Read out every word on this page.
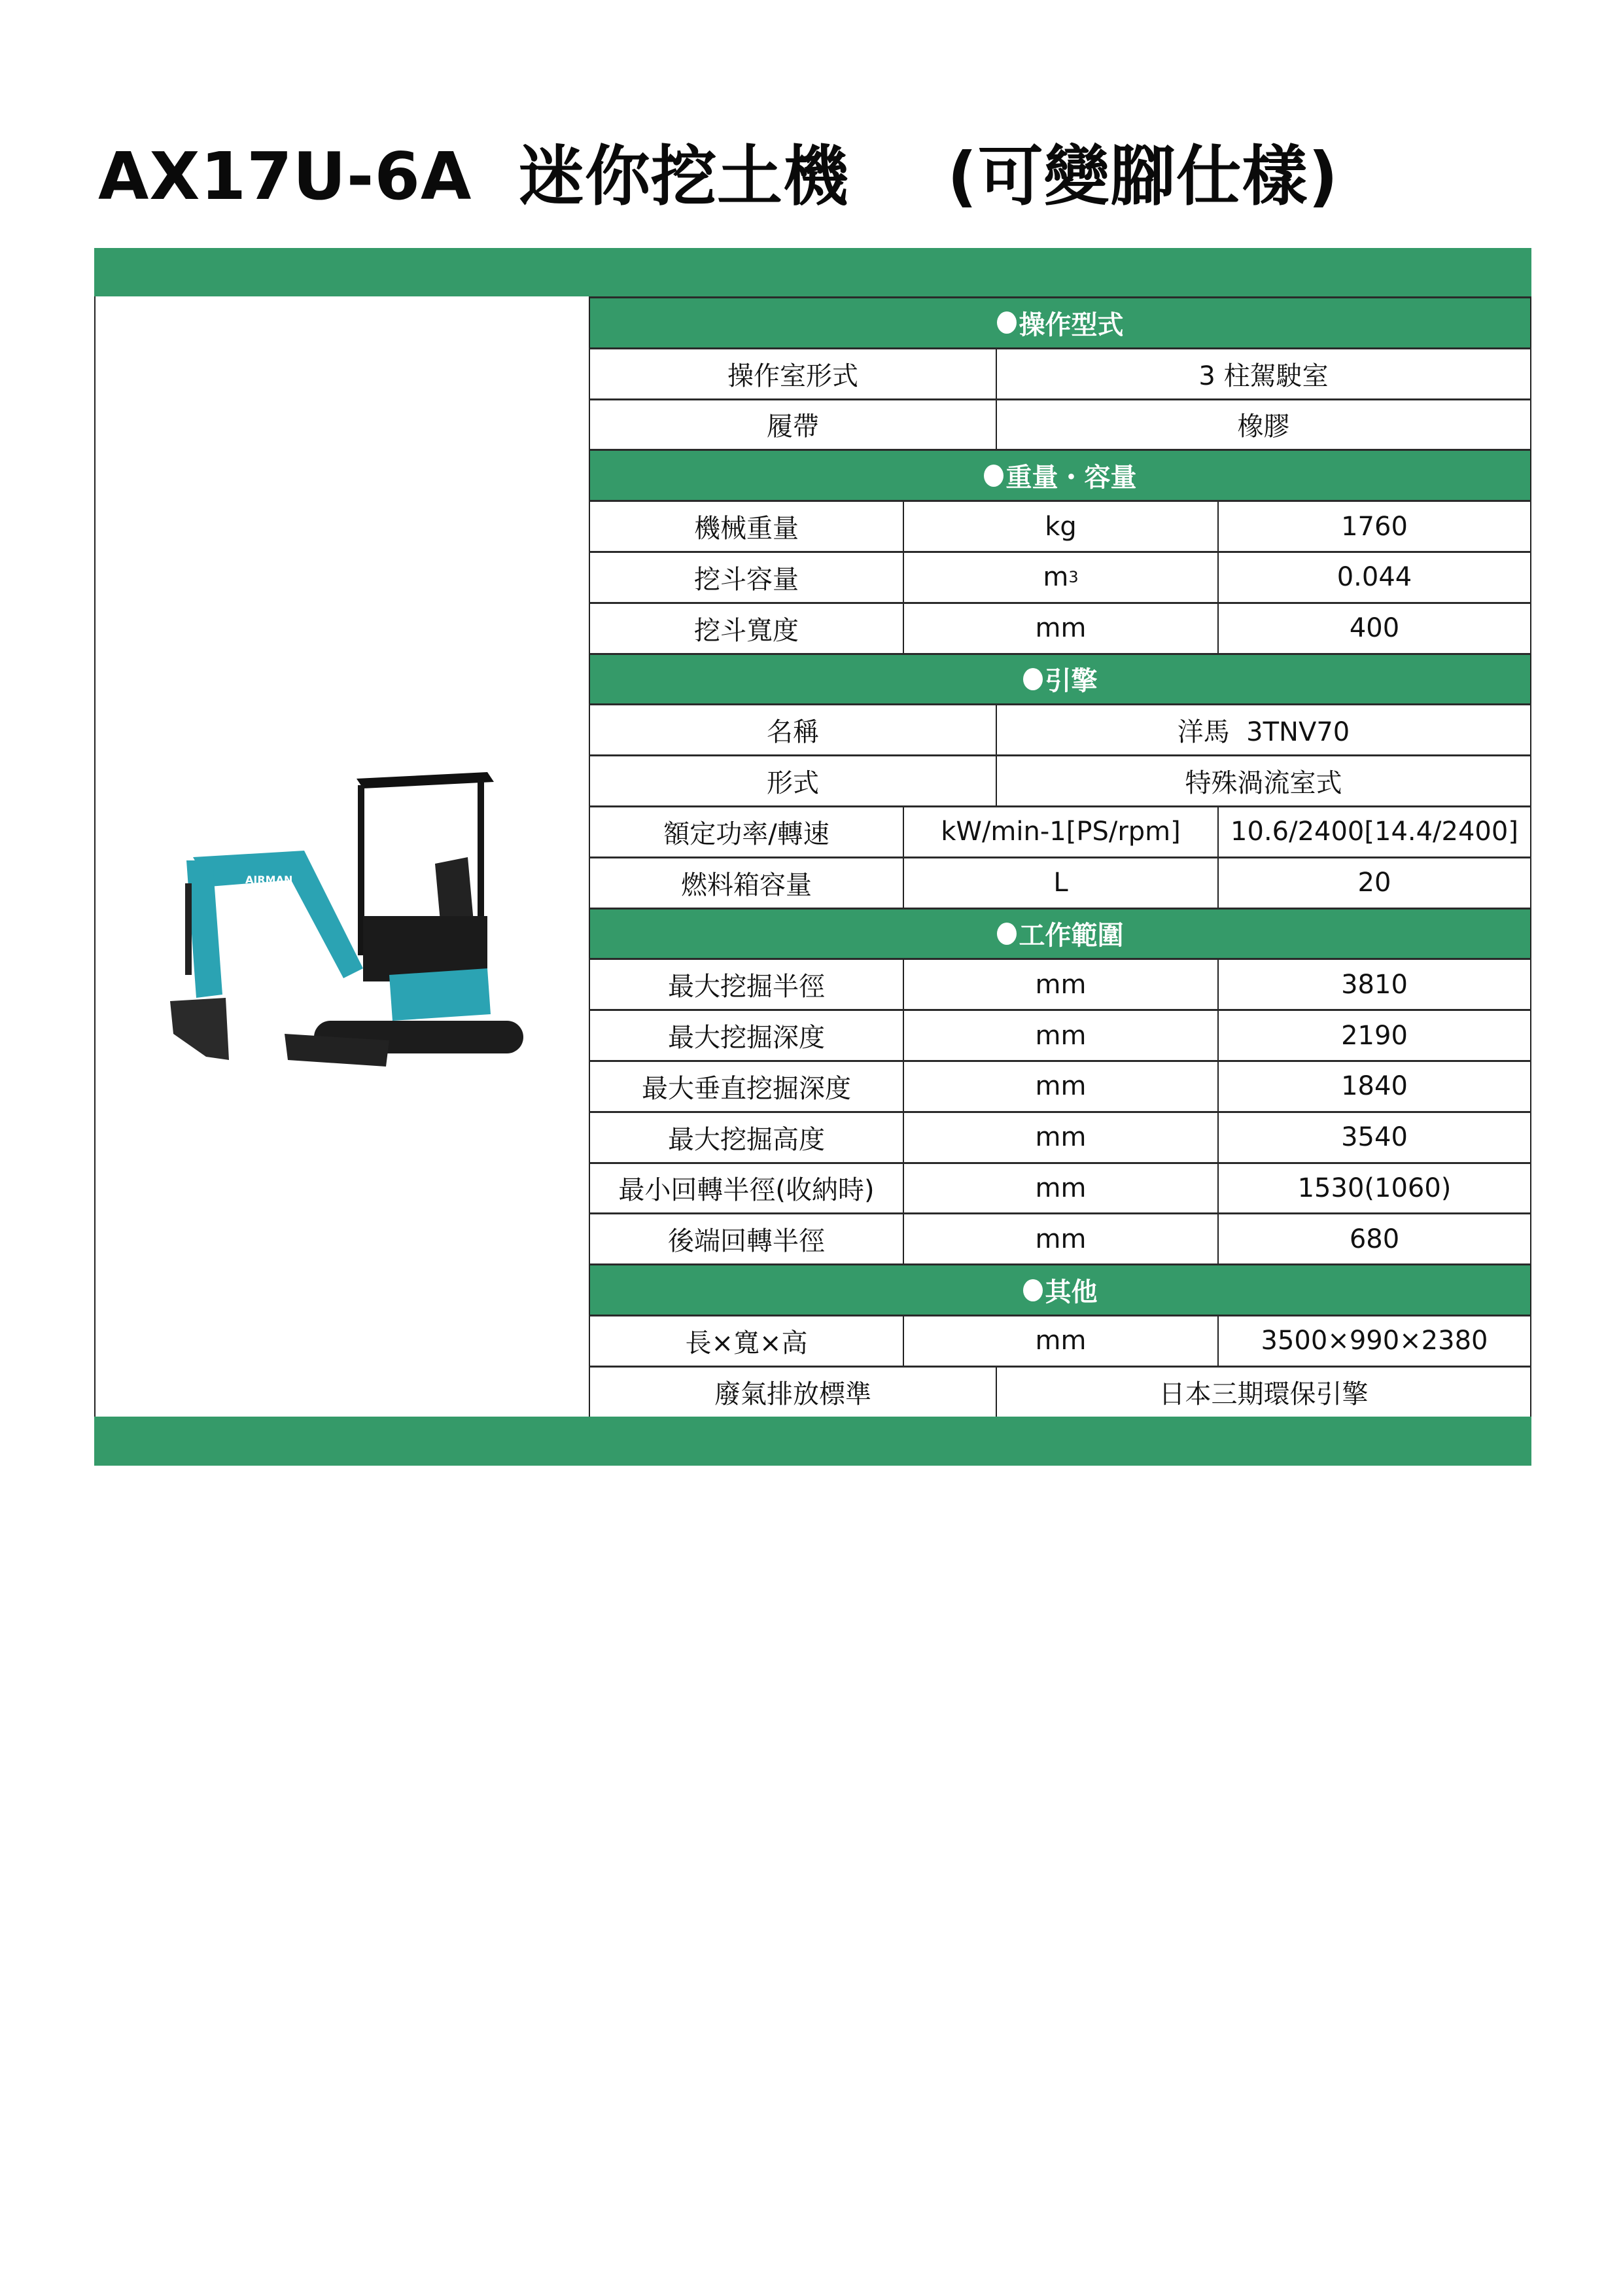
AX17U-6A 迷你挖土機 (可變腳仕樣)
AIRMAN
操作型式
操作室形式	3 柱駕駛室
履帶	橡膠
重量・容量
機械重量	kg	1760
挖斗容量	m 3	0.044
挖斗寬度	mm	400
引擎
名稱	洋馬  3TNV70
形式	特殊渦流室式
額定功率/轉速	kW/min-1[PS/rpm]	10.6/2400[14.4/2400]
燃料箱容量	L	20
工作範圍
最大挖掘半徑	mm	3810
最大挖掘深度	mm	2190
最大垂直挖掘深度	mm	1840
最大挖掘高度	mm	3540
最小回轉半徑(收納時)	mm	1530(1060)
後端回轉半徑	mm	680
其他
長×寬×高	mm	3500×990×2380
廢氣排放標準	日本三期環保引擎
